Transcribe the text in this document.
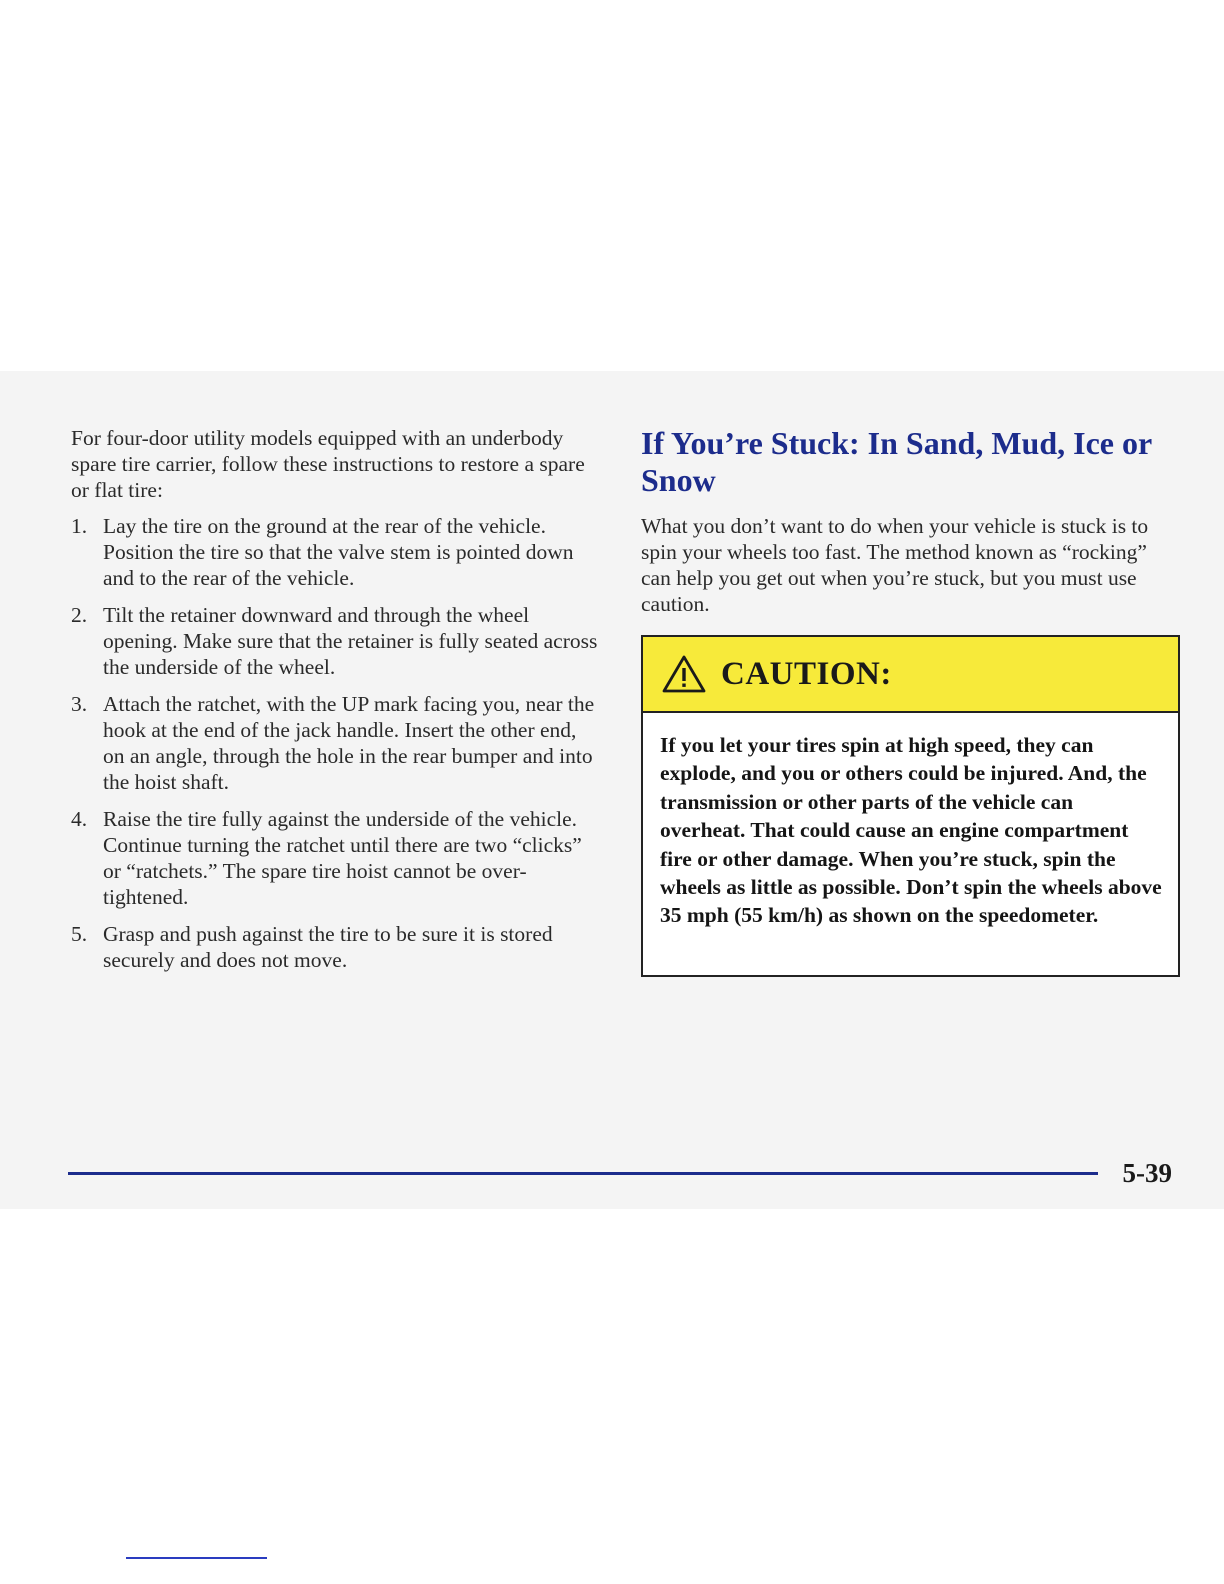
For four-door utility models equipped with an underbody spare tire carrier, follow these instructions to restore a spare or flat tire:

1. Lay the tire on the ground at the rear of the vehicle. Position the tire so that the valve stem is pointed down and to the rear of the vehicle.
2. Tilt the retainer downward and through the wheel opening. Make sure that the retainer is fully seated across the underside of the wheel.
3. Attach the ratchet, with the UP mark facing you, near the hook at the end of the jack handle. Insert the other end, on an angle, through the hole in the rear bumper and into the hoist shaft.
4. Raise the tire fully against the underside of the vehicle. Continue turning the ratchet until there are two “clicks” or “ratchets.” The spare tire hoist cannot be over-tightened.
5. Grasp and push against the tire to be sure it is stored securely and does not move.
If You’re Stuck: In Sand, Mud, Ice or Snow

What you don’t want to do when your vehicle is stuck is to spin your wheels too fast. The method known as “rocking” can help you get out when you’re stuck, but you must use caution.

CAUTION:

If you let your tires spin at high speed, they can explode, and you or others could be injured. And, the transmission or other parts of the vehicle can overheat. That could cause an engine compartment fire or other damage. When you’re stuck, spin the wheels as little as possible. Don’t spin the wheels above 35 mph (55 km/h) as shown on the speedometer.

5-39
